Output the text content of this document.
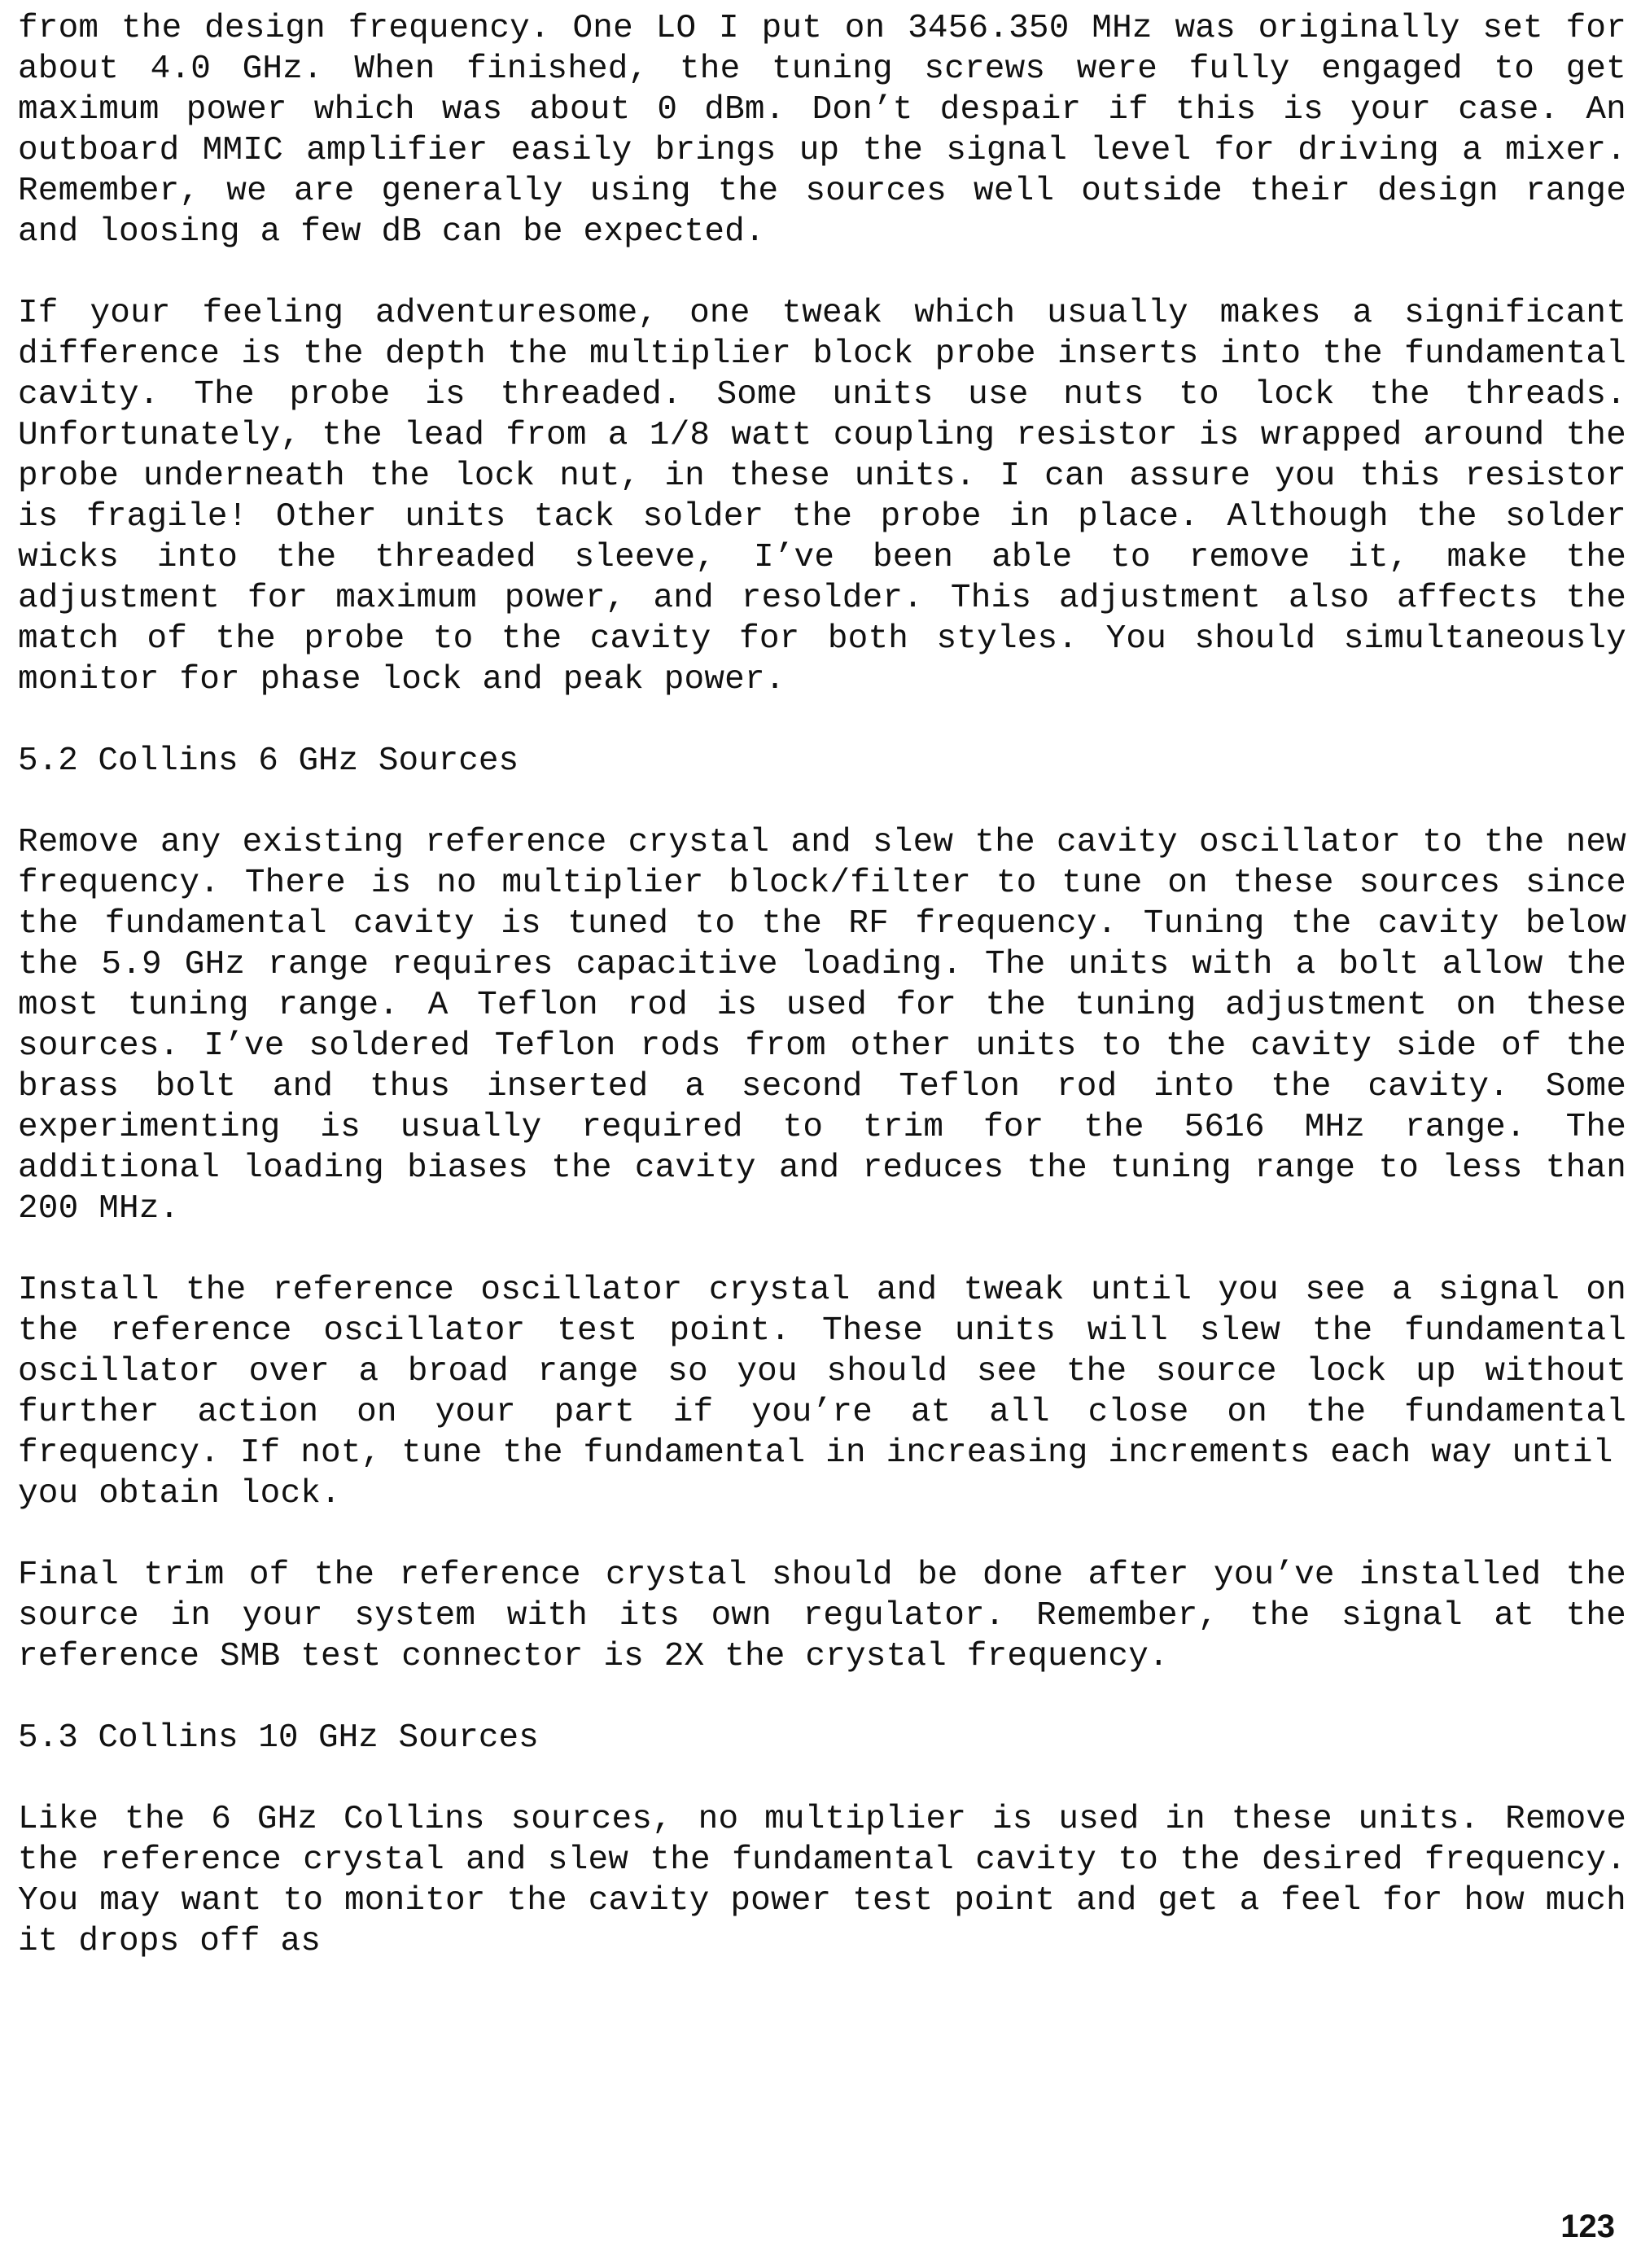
from the design frequency. One LO I put on 3456.350 MHz was originally set for about 4.0 GHz. When finished, the tuning screws were fully engaged to get maximum power which was about 0 dBm. Don’t despair if this is your case. An outboard MMIC amplifier easily brings up the signal level for driving a mixer. Remember, we are generally using the sources well outside their design range and loosing a few dB can be expected.

If your feeling adventuresome, one tweak which usually makes a significant difference is the depth the multiplier block probe inserts into the fundamental cavity. The probe is threaded. Some units use nuts to lock the threads. Unfortunately, the lead from a 1/8 watt coupling resistor is wrapped around the probe underneath the lock nut, in these units. I can assure you this resistor is fragile! Other units tack solder the probe in place. Although the solder wicks into the threaded sleeve, I’ve been able to remove it, make the adjustment for maximum power, and resolder. This adjustment also affects the match of the probe to the cavity for both styles. You should simultaneously monitor for phase lock and peak power.

5.2 Collins 6 GHz Sources

Remove any existing reference crystal and slew the cavity oscillator to the new frequency. There is no multiplier block/filter to tune on these sources since the fundamental cavity is tuned to the RF frequency. Tuning the cavity below the 5.9 GHz range requires capacitive loading. The units with a bolt allow the most tuning range. A Teflon rod is used for the tuning adjustment on these sources. I’ve soldered Teflon rods from other units to the cavity side of the brass bolt and thus inserted a second Teflon rod into the cavity. Some experimenting is usually required to trim for the 5616 MHz range. The additional loading biases the cavity and reduces the tuning range to less than 200 MHz.

Install the reference oscillator crystal and tweak until you see a signal on the reference oscillator test point. These units will slew the fundamental oscillator over a broad range so you should see the source lock up without further action on your part if you’re at all close on the fundamental frequency. If not, tune the fundamental in increasing increments each way until

you obtain lock.

Final trim of the reference crystal should be done after you’ve installed the source in your system with its own regulator. Remember, the signal at the reference SMB test connector is 2X the crystal frequency.

5.3 Collins 10 GHz Sources

Like the 6 GHz Collins sources, no multiplier is used in these units. Remove the reference crystal and slew the fundamental cavity to the desired frequency. You may want to monitor the cavity power test point and get a feel for how much it drops off as

123
